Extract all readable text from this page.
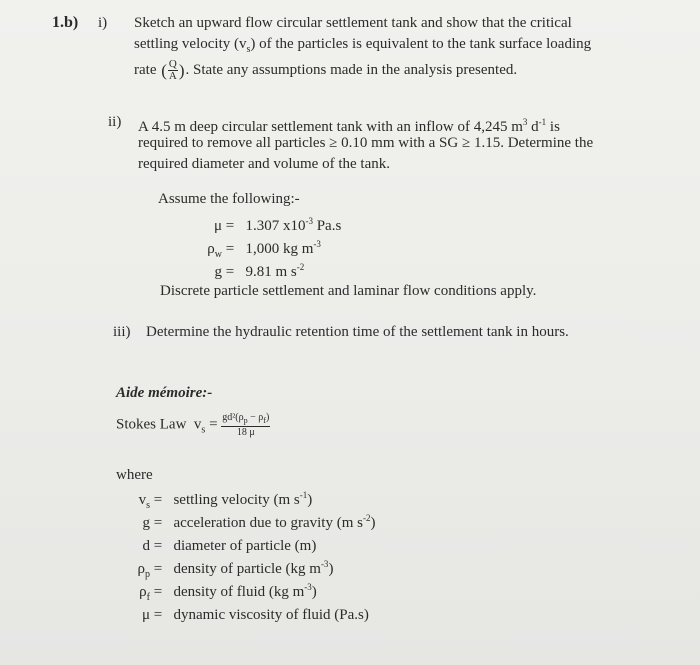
1.b) i) Sketch an upward flow circular settlement tank and show that the critical
settling velocity $(v_s)$ of the particles is equivalent to the tank surface loading
rate ( $\frac{Q}{A}$ ). State any assumptions made in the analysis presented.
ii) A 4.5 m deep circular settlement tank with an inflow of 4,245 $m^3$ $d^{-1}$ is
required to remove all particles ≥ 0.10 mm with a SG ≥ 1.15. Determine the
required diameter and volume of the tank.
Assume the following:-
μ = 1.307 $x10^{-3}$ Pa.s
$\rho_w = 1,000$ kg $m^{-3}$
g = 9.81 m $s^{-2}$
Discrete particle settlement and laminar flow conditions apply.
iii) Determine the hydraulic retention time of the settlement tank in hours.
Aide mémoire:-
Stokes Law $v_s = \frac{gd^2(\rho_p - \rho_f)}{18 \mu}$
where
$v_s$ = settling velocity (m $s^{-1}$)
g = acceleration due to gravity (m $s^{-2}$)
d = diameter of particle (m)
$\rho_p$ = density of particle (kg $m^{-3}$)
$\rho_f$ = density of fluid (kg $m^{-3}$)
μ = dynamic viscosity of fluid (Pa.s)
